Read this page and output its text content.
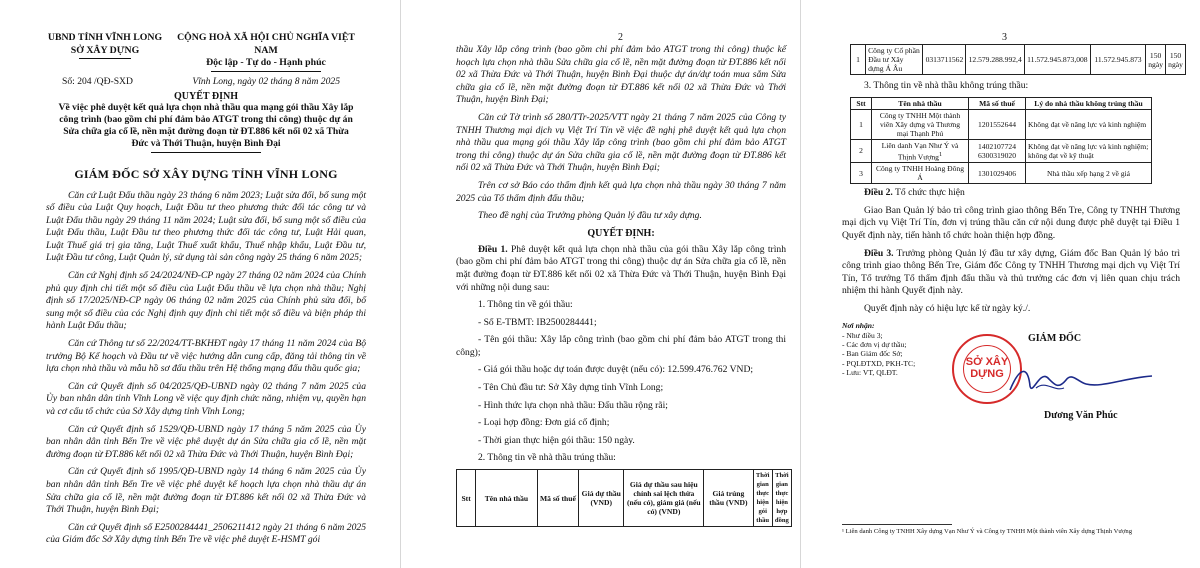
UBND TỈNH VĨNH LONG
SỞ XÂY DỰNG
CỘNG HOÀ XÃ HỘI CHỦ NGHĨA VIỆT NAM
Độc lập - Tự do - Hạnh phúc
Số: 204 /QĐ-SXD	Vĩnh Long, ngày 02 tháng 8 năm 2025
QUYẾT ĐỊNH
Về việc phê duyệt kết quả lựa chọn nhà thầu qua mạng gói thầu Xây lắp công trình (bao gồm chi phí đảm bảo ATGT trong thi công) thuộc dự án Sửa chữa gia cố lề, nền mặt đường đoạn từ ĐT.886 kết nối 02 xã Thừa Đức và Thới Thuận, huyện Bình Đại
GIÁM ĐỐC SỞ XÂY DỰNG TỈNH VĨNH LONG

Căn cứ Luật Đấu thầu ngày 23 tháng 6 năm 2023; Luật sửa đổi, bổ sung một số điều của Luật Quy hoạch, Luật Đầu tư theo phương thức đối tác công tư và Luật Đấu thầu ngày 29 tháng 11 năm 2024; Luật sửa đổi, bổ sung một số điều của Luật Đấu thầu, Luật Đầu tư theo phương thức đối tác công tư, Luật Hải quan, Luật Thuế giá trị gia tăng, Luật Thuế xuất khẩu, Thuế nhập khẩu, Luật Đầu tư, Luật Đầu tư công, Luật Quản lý, sử dụng tài sản công ngày 25 tháng 6 năm 2025;

Căn cứ Nghị định số 24/2024/NĐ-CP ngày 27 tháng 02 năm 2024 của Chính phủ quy định chi tiết một số điều của Luật Đấu thầu về lựa chọn nhà thầu; Nghị định số 17/2025/NĐ-CP ngày 06 tháng 02 năm 2025 của Chính phủ sửa đổi, bổ sung một số điều của các Nghị định quy định chi tiết một số điều và biện pháp thi hành Luật Đấu thầu;

Căn cứ Thông tư số 22/2024/TT-BKHĐT ngày 17 tháng 11 năm 2024 của Bộ trưởng Bộ Kế hoạch và Đầu tư về việc hướng dẫn cung cấp, đăng tải thông tin về lựa chọn nhà thầu và mẫu hồ sơ đấu thầu trên Hệ thống mạng đấu thầu quốc gia;

Căn cứ Quyết định số 04/2025/QĐ-UBND ngày 02 tháng 7 năm 2025 của Ủy ban nhân dân tỉnh Vĩnh Long về việc quy định chức năng, nhiệm vụ, quyền hạn và cơ cấu tổ chức của Sở Xây dựng tỉnh Vĩnh Long;

Căn cứ Quyết định số 1529/QĐ-UBND ngày 17 tháng 5 năm 2025 của Ủy ban nhân dân tỉnh Bến Tre về việc phê duyệt dự án Sửa chữa gia cố lề, nền mặt đường đoạn từ ĐT.886 kết nối 02 xã Thừa Đức và Thới Thuận, huyện Bình Đại;

Căn cứ Quyết định số 1995/QĐ-UBND ngày 14 tháng 6 năm 2025 của Ủy ban nhân dân tỉnh Bến Tre về việc phê duyệt kế hoạch lựa chọn nhà thầu dự án Sửa chữa gia cố lề, nền mặt đường đoạn từ ĐT.886 kết nối 02 xã Thừa Đức và Thới Thuận, huyện Bình Đại;

Căn cứ Quyết định số E2500284441_2506211412 ngày 21 tháng 6 năm 2025 của Giám đốc Sở Xây dựng tỉnh Bến Tre về việc phê duyệt E-HSMT gói

2

thầu Xây lắp công trình (bao gồm chi phí đảm bảo ATGT trong thi công) thuộc kế hoạch lựa chọn nhà thầu Sửa chữa gia cố lề, nền mặt đường đoạn từ ĐT.886 kết nối 02 xã Thừa Đức và Thới Thuận, huyện Bình Đại thuộc dự án/dự toán mua sắm Sửa chữa gia cố lề, nền mặt đường đoạn từ ĐT.886 kết nối 02 xã Thừa Đức và Thới Thuận, huyện Bình Đại;

Căn cứ Tờ trình số 280/TTr-2025/VTT ngày 21 tháng 7 năm 2025 của Công ty TNHH Thương mại dịch vụ Việt Trí Tín về việc đề nghị phê duyệt kết quả lựa chọn nhà thầu qua mạng gói thầu Xây lắp công trình (bao gồm chi phí đảm bảo ATGT trong thi công) thuộc dự án Sửa chữa gia cố lề, nền mặt đường đoạn từ ĐT.886 kết nối 02 xã Thừa Đức và Thới Thuận, huyện Bình Đại;

Trên cơ sở Báo cáo thẩm định kết quả lựa chọn nhà thầu ngày 30 tháng 7 năm 2025 của Tổ thẩm định đấu thầu;

Theo đề nghị của Trưởng phòng Quản lý đầu tư xây dựng.

QUYẾT ĐỊNH:

Điều 1. Phê duyệt kết quả lựa chọn nhà thầu của gói thầu Xây lắp công trình (bao gồm chi phí đảm bảo ATGT trong thi công) thuộc dự án Sửa chữa gia cố lề, nền mặt đường đoạn từ ĐT.886 kết nối 02 xã Thừa Đức và Thới Thuận, huyện Bình Đại với những nội dung sau:

1. Thông tin về gói thầu:

- Số E-TBMT: IB2500284441;

- Tên gói thầu: Xây lắp công trình (bao gồm chi phí đảm bảo ATGT trong thi công);

- Giá gói thầu hoặc dự toán được duyệt (nếu có): 12.599.476.762 VND;

- Tên Chủ đầu tư: Sở Xây dựng tỉnh Vĩnh Long;

- Hình thức lựa chọn nhà thầu: Đấu thầu rộng rãi;

- Loại hợp đồng: Đơn giá cố định;

- Thời gian thực hiện gói thầu: 150 ngày.

2. Thông tin về nhà thầu trúng thầu:

Stt	Tên nhà thầu	Mã số thuế	Giá dự thầu (VND)	Giá dự thầu sau hiệu chỉnh sai lệch thừa (nếu có), giảm giá (nếu có) (VND)	Giá trúng thầu (VND)	Thời gian thực hiện gói thầu	Thời gian thực hiện hợp đồng
3
1	Công ty Cổ phần Đầu tư Xây dựng Á Âu	0313711562	12.579.288.992,4	11.572.945.873,008	11.572.945.873	150 ngày	150 ngày

3. Thông tin về nhà thầu không trúng thầu:

Stt	Tên nhà thầu	Mã số thuế	Lý do nhà thầu không trúng thầu
1	Công ty TNHH Một thành viên Xây dựng và Thương mại Thạnh Phú	1201552644	Không đạt về năng lực và kinh nghiệm
2	Liên danh Vạn Như Ý và Thịnh Vượng$^1$	1402107724 6300319020	Không đạt về năng lực và kinh nghiệm; không đạt về kỹ thuật
3	Công ty TNHH Hoàng Đông Á	1301029406	Nhà thầu xếp hạng 2 về giá

Điều 2. Tổ chức thực hiện

Giao Ban Quản lý bảo trì công trình giao thông Bến Tre, Công ty TNHH Thương mại dịch vụ Việt Trí Tín, đơn vị trúng thầu căn cứ nội dung được phê duyệt tại Điều 1 Quyết định này, tiến hành tổ chức hoàn thiện hợp đồng.

Điều 3. Trưởng phòng Quản lý đầu tư xây dựng, Giám đốc Ban Quản lý bảo trì công trình giao thông Bến Tre, Giám đốc Công ty TNHH Thương mại dịch vụ Việt Trí Tín, Tổ trưởng Tổ thẩm định đấu thầu và thủ trưởng các đơn vị liên quan chịu trách nhiệm thi hành Quyết định này.

Quyết định này có hiệu lực kể từ ngày ký./.

Nơi nhận:
- Như điều 3;
- Các đơn vị dự thầu;
- Ban Giám đốc Sở;
- PQLĐTXD, PKH-TC;
- Lưu: VT, QLĐT.
GIÁM ĐỐC
SỞ XÂY DỰNG
Dương Văn Phúc
¹ Liên danh Công ty TNHH Xây dựng Vạn Như Ý và Công ty TNHH Một thành viên Xây dựng Thịnh Vượng
